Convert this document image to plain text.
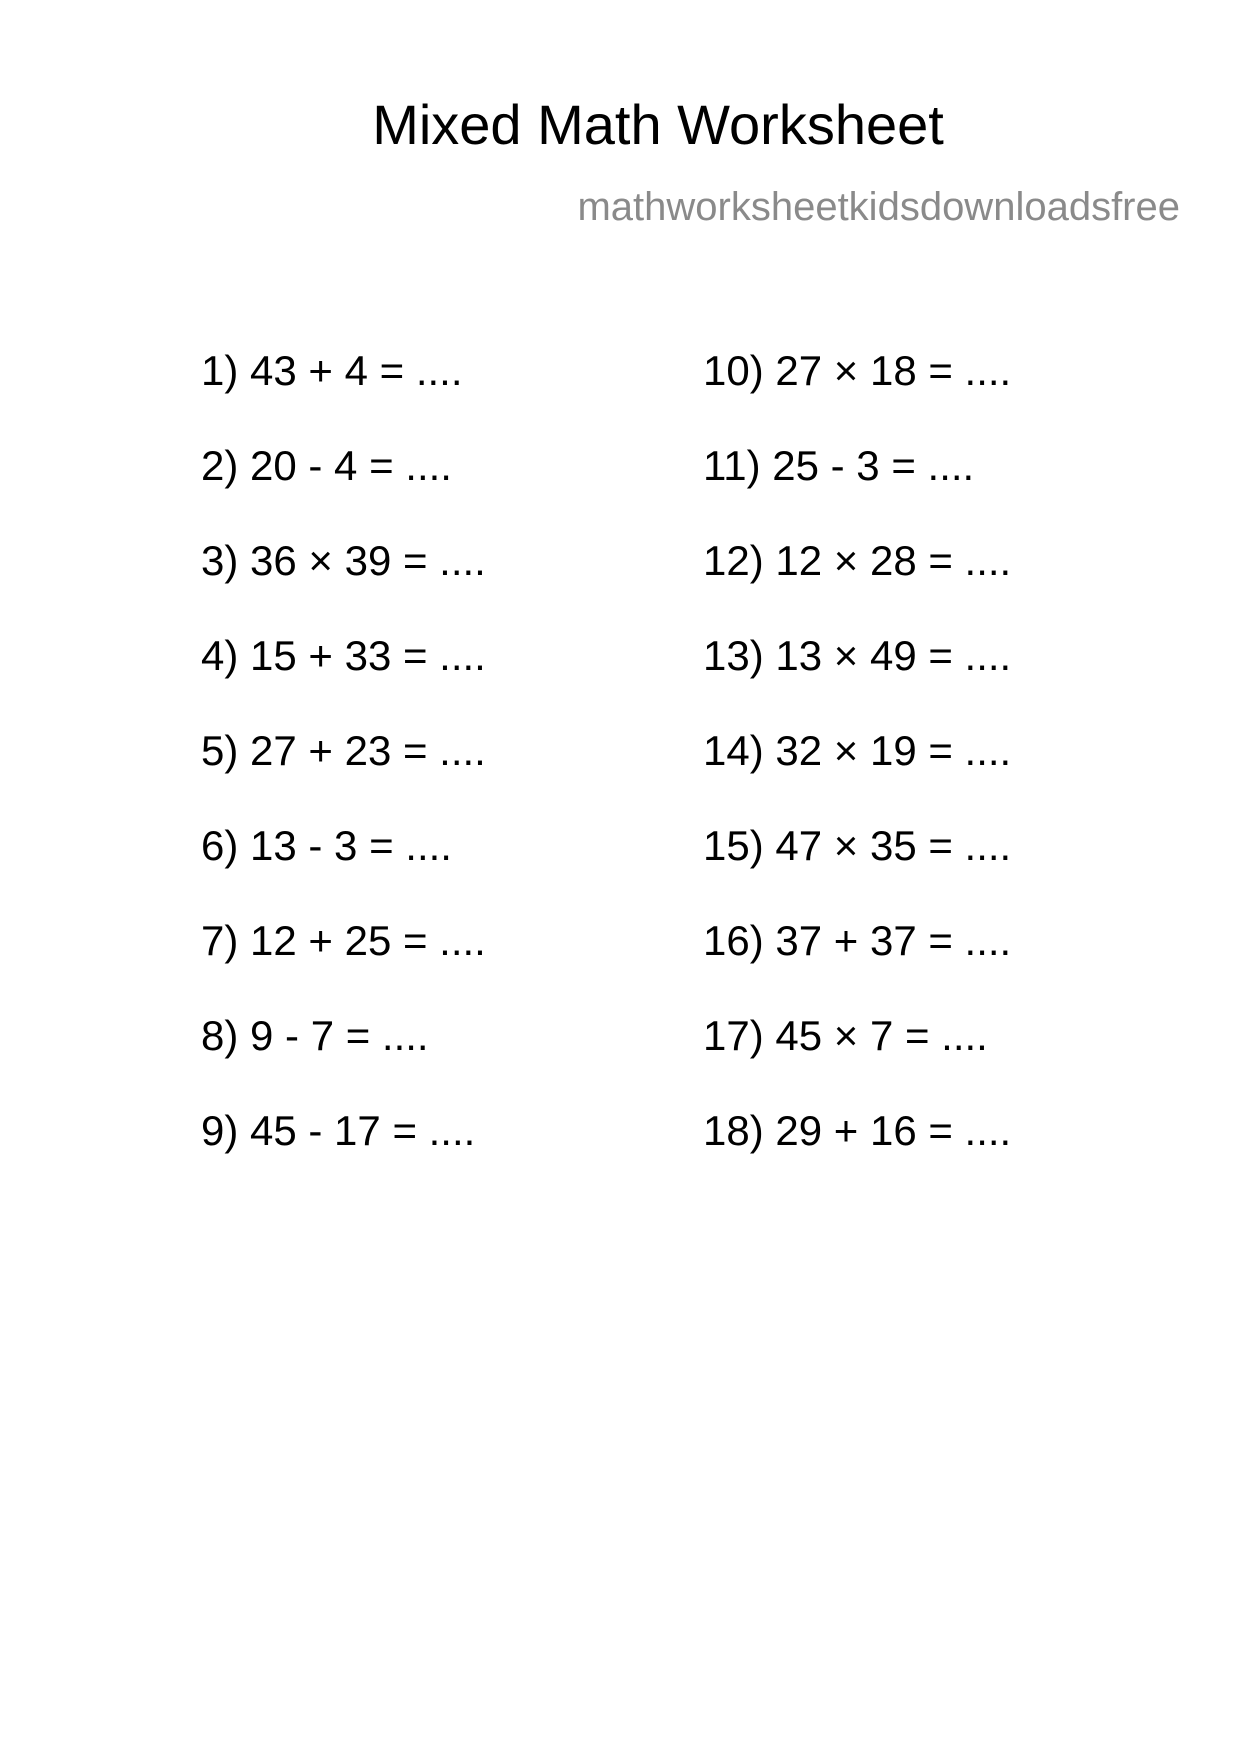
Mixed Math Worksheet
mathworksheetkidsdownloadsfree
1) 43 + 4 = ....
2) 20 - 4 = ....
3) 36 × 39 = ....
4) 15 + 33 = ....
5) 27 + 23 = ....
6) 13 - 3 = ....
7) 12 + 25 = ....
8) 9 - 7 = ....
9) 45 - 17 = ....
10) 27 × 18 = ....
11) 25 - 3 = ....
12) 12 × 28 = ....
13) 13 × 49 = ....
14) 32 × 19 = ....
15) 47 × 35 = ....
16) 37 + 37 = ....
17) 45 × 7 = ....
18) 29 + 16 = ....
